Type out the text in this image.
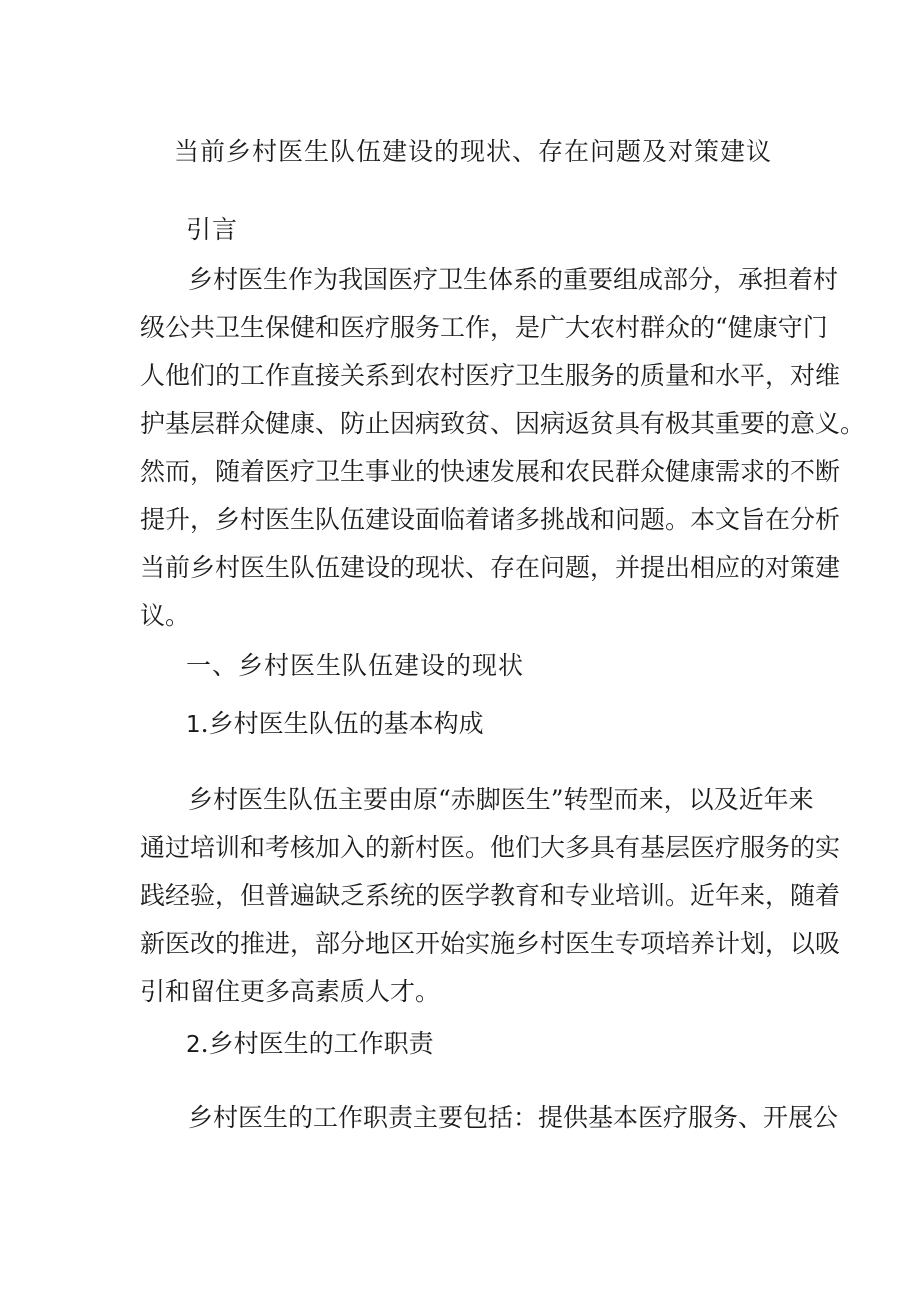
当前乡村医生队伍建设的现状、存在问题及对策建议
引言
乡村医生作为我国医疗卫生体系的重要组成部分，承担着村
级公共卫生保健和医疗服务工作，是广大农村群众的“健康守门
人他们的工作直接关系到农村医疗卫生服务的质量和水平，对维
护基层群众健康、防止因病致贫、因病返贫具有极其重要的意义。
然而，随着医疗卫生事业的快速发展和农民群众健康需求的不断
提升，乡村医生队伍建设面临着诸多挑战和问题。本文旨在分析
当前乡村医生队伍建设的现状、存在问题，并提出相应的对策建
议。
一、乡村医生队伍建设的现状
1.乡村医生队伍的基本构成
乡村医生队伍主要由原“赤脚医生”转型而来，以及近年来
通过培训和考核加入的新村医。他们大多具有基层医疗服务的实
践经验，但普遍缺乏系统的医学教育和专业培训。近年来，随着
新医改的推进，部分地区开始实施乡村医生专项培养计划，以吸
引和留住更多高素质人才。
2.乡村医生的工作职责
乡村医生的工作职责主要包括：提供基本医疗服务、开展公
